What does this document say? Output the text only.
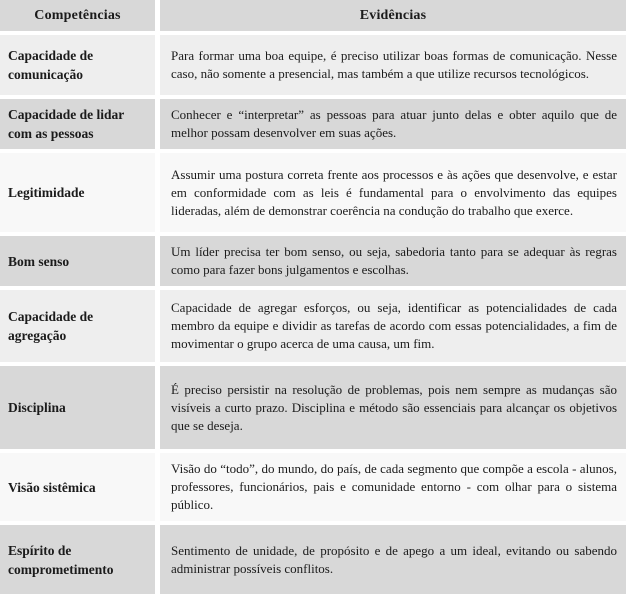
Competências	Evidências
Capacidade de comunicação
Para formar uma boa equipe, é preciso utilizar boas formas de comunicação. Nesse caso, não somente a presencial, mas também a que utilize recursos tecnológicos.
Capacidade de lidar com as pessoas
Conhecer e “interpretar” as pessoas para atuar junto delas e obter aquilo que de melhor possam desenvolver em suas ações.
Legitimidade
Assumir uma postura correta frente aos processos e às ações que desenvolve, e estar em conformidade com as leis é fundamental para o envolvimento das equipes lideradas, além de demonstrar coerência na condução do trabalho que exerce.
Bom senso
Um líder precisa ter bom senso, ou seja, sabedoria tanto para se adequar às regras como para fazer bons julgamentos e escolhas.
Capacidade de agregação
Capacidade de agregar esforços, ou seja, identificar as potencialidades de cada membro da equipe e dividir as tarefas de acordo com essas potencialidades, a fim de movimentar o grupo acerca de uma causa, um fim.
Disciplina
É preciso persistir na resolução de problemas, pois nem sempre as mudanças são visíveis a curto prazo. Disciplina e método são essenciais para alcançar os objetivos que se deseja.
Visão sistêmica
Visão do “todo”, do mundo, do país, de cada segmento que compõe a escola - alunos, professores, funcionários, pais e comunidade entorno - com olhar para o sistema público.
Espírito de comprometimento
Sentimento de unidade, de propósito e de apego a um ideal, evitando ou sabendo administrar possíveis conflitos.
